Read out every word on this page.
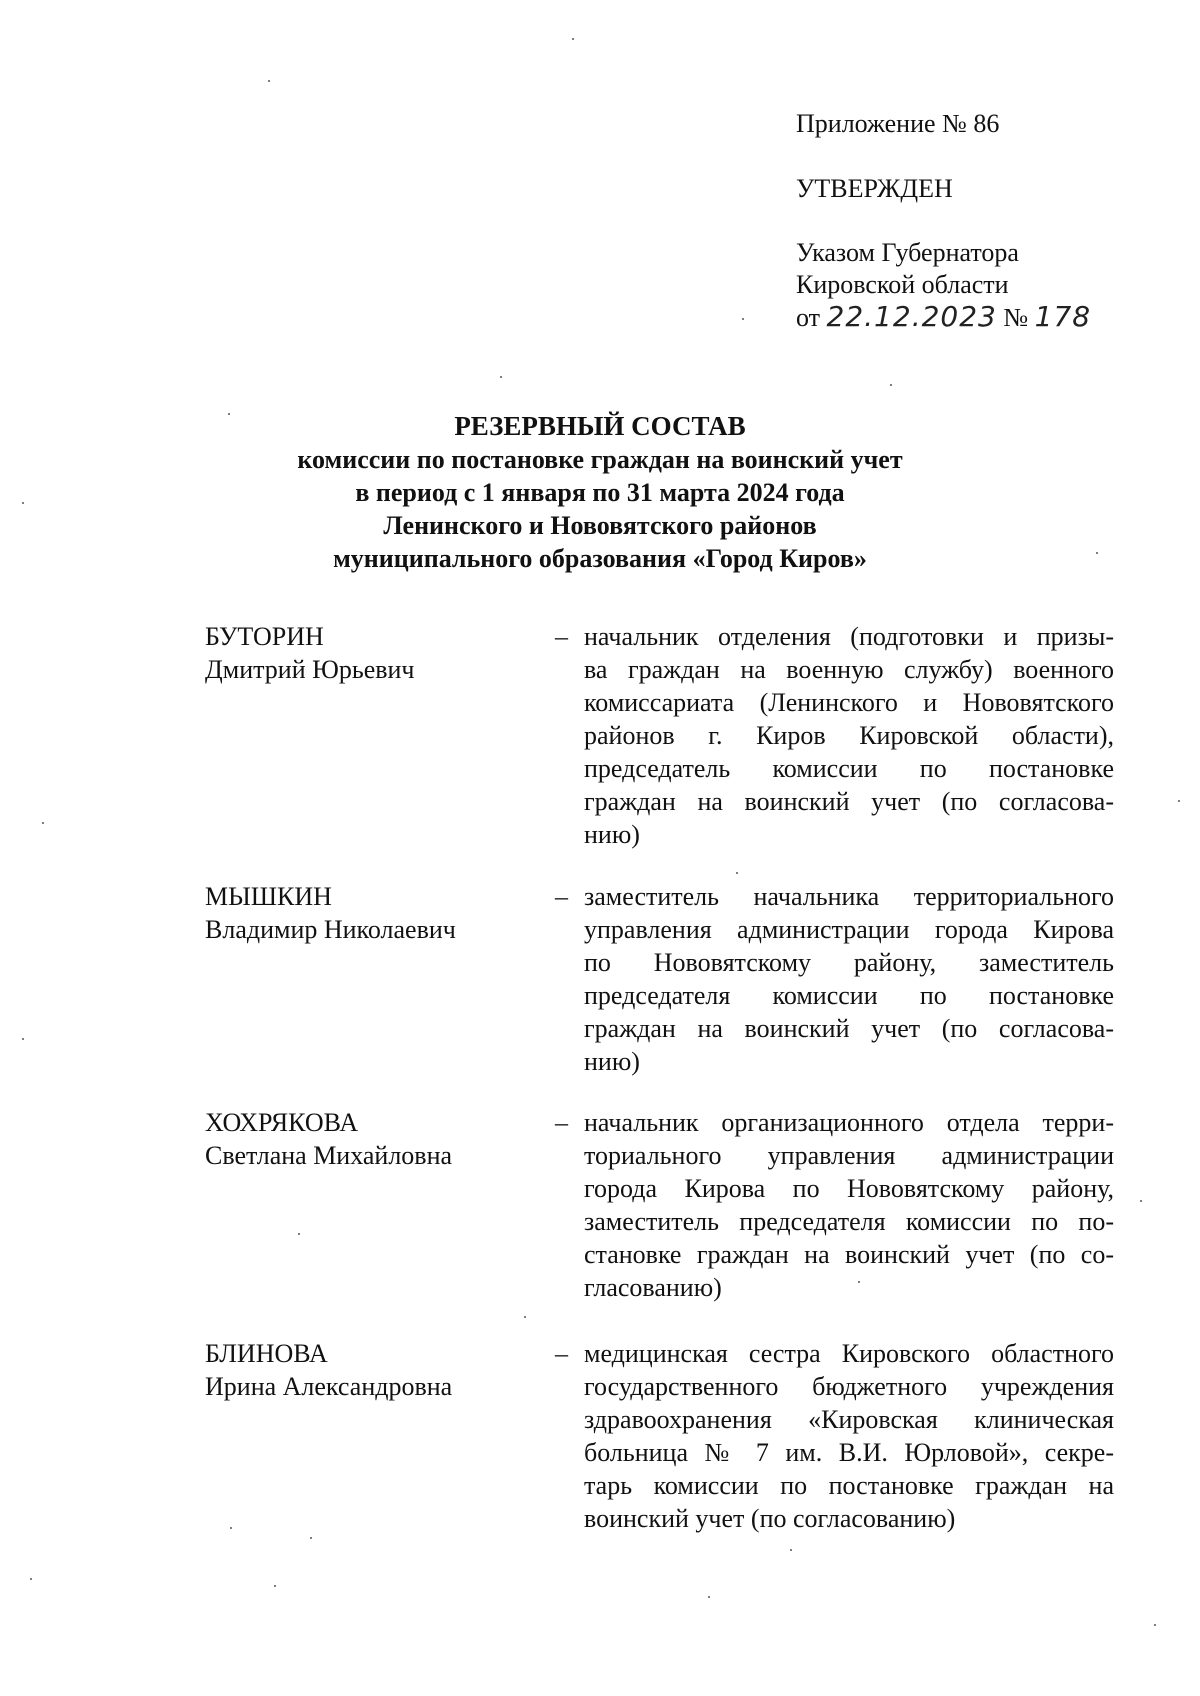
Приложение № 86
УТВЕРЖДЕН
Указом Губернатора
Кировской области
от 22.12.2023 № 178
РЕЗЕРВНЫЙ СОСТАВ
комиссии по постановке граждан на воинский учет
в период с 1 января по 31 марта 2024 года
Ленинского и Нововятского районов
муниципального образования «Город Киров»
БУТОРИН
Дмитрий Юрьевич
– начальник отделения (подготовки и призы-
ва граждан на военную службу) военного
комиссариата (Ленинского и Нововятского
районов г. Киров Кировской области),
председатель комиссии по постановке
граждан на воинский учет (по согласова-
нию)
МЫШКИН
Владимир Николаевич
– заместитель начальника территориального
управления администрации города Кирова
по Нововятскому району, заместитель
председателя комиссии по постановке
граждан на воинский учет (по согласова-
нию)
ХОХРЯКОВА
Светлана Михайловна
– начальник организационного отдела терри-
ториального управления администрации
города Кирова по Нововятскому району,
заместитель председателя комиссии по по-
становке граждан на воинский учет (по со-
гласованию)
БЛИНОВА
Ирина Александровна
– медицинская сестра Кировского областного
государственного бюджетного учреждения
здравоохранения «Кировская клиническая
больница № 7 им. В.И. Юрловой», секре-
тарь комиссии по постановке граждан на
воинский учет (по согласованию)
